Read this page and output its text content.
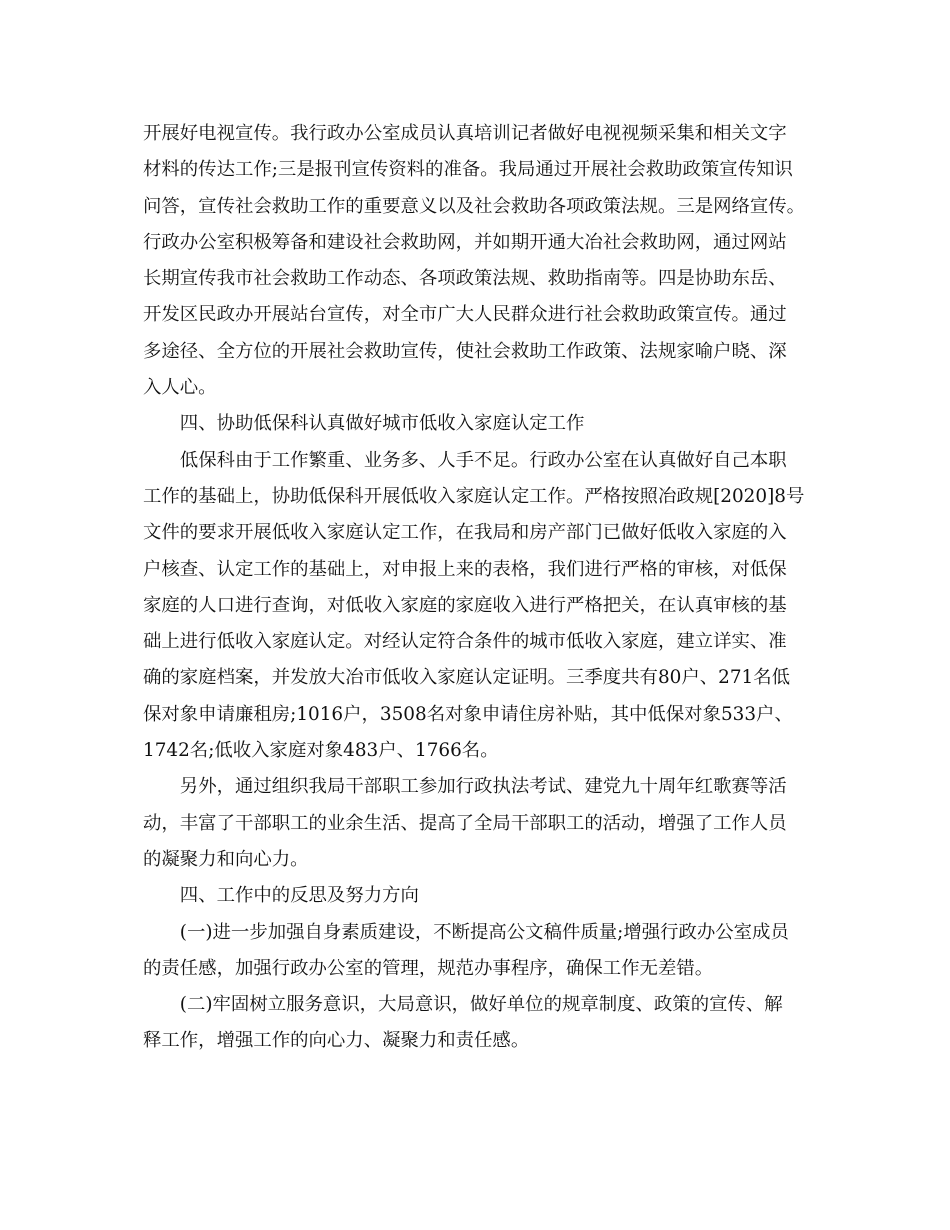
开展好电视宣传。我行政办公室成员认真培训记者做好电视视频采集和相关文字
材料的传达工作;三是报刊宣传资料的准备。我局通过开展社会救助政策宣传知识
问答，宣传社会救助工作的重要意义以及社会救助各项政策法规。三是网络宣传。
行政办公室积极筹备和建设社会救助网，并如期开通大冶社会救助网，通过网站
长期宣传我市社会救助工作动态、各项政策法规、救助指南等。四是协助东岳、
开发区民政办开展站台宣传，对全市广大人民群众进行社会救助政策宣传。通过
多途径、全方位的开展社会救助宣传，使社会救助工作政策、法规家喻户晓、深
入人心。

四、协助低保科认真做好城市低收入家庭认定工作

低保科由于工作繁重、业务多、人手不足。行政办公室在认真做好自己本职
工作的基础上，协助低保科开展低收入家庭认定工作。严格按照冶政规[2020]8号
文件的要求开展低收入家庭认定工作，在我局和房产部门已做好低收入家庭的入
户核查、认定工作的基础上，对申报上来的表格，我们进行严格的审核，对低保
家庭的人口进行查询，对低收入家庭的家庭收入进行严格把关，在认真审核的基
础上进行低收入家庭认定。对经认定符合条件的城市低收入家庭，建立详实、准
确的家庭档案，并发放大冶市低收入家庭认定证明。三季度共有80户、271名低
保对象申请廉租房;1016户，3508名对象申请住房补贴，其中低保对象533户、
1742名;低收入家庭对象483户、1766名。

另外，通过组织我局干部职工参加行政执法考试、建党九十周年红歌赛等活
动，丰富了干部职工的业余生活、提高了全局干部职工的活动，增强了工作人员
的凝聚力和向心力。

四、工作中的反思及努力方向

(一)进一步加强自身素质建设，不断提高公文稿件质量;增强行政办公室成员
的责任感，加强行政办公室的管理，规范办事程序，确保工作无差错。

(二)牢固树立服务意识，大局意识，做好单位的规章制度、政策的宣传、解
释工作，增强工作的向心力、凝聚力和责任感。
